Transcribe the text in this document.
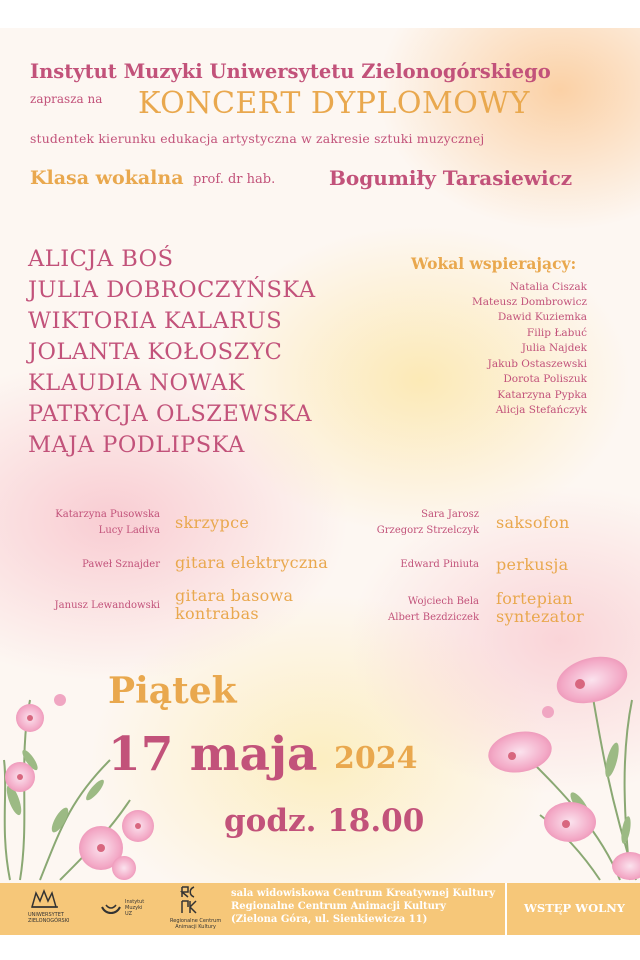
Instytut Muzyki Uniwersytetu Zielonogórskiego
zaprasza na KONCERT DYPLOMOWY
studentek kierunku edukacja artystyczna w zakresie sztuki muzycznej
Klasa wokalna prof. dr hab.	Bogumiły Tarasiewicz
ALICJA BOŚ
JULIA DOBROCZYŃSKA
WIKTORIA KALARUS
JOLANTA KOŁOSZYC
KLAUDIA NOWAK
PATRYCJA OLSZEWSKA
MAJA PODLIPSKA
Wokal wspierający:
Natalia Ciszak
Mateusz Dombrowicz
Dawid Kuziemka
Filip Łabuć
Julia Najdek
Jakub Ostaszewski
Dorota Poliszuk
Katarzyna Pypka
Alicja Stefańczyk
Katarzyna Pusowska
Lucy Ladiva skrzypce
Paweł Sznajder gitara elektryczna
Janusz Lewandowski
gitara basowa
kontrabas
Sara Jarosz
Grzegorz Strzelczyk saksofon
Edward Piniuta perkusja
Wojciech Bela
Albert Bezdziczek
fortepian
syntezator
Piątek
17 maja 2024
godz. 18.00
UNIWERSYTET
ZIELONOGÓRSKI
Instytut
Muzyki
UZ
Regionalne Centrum
Animacji Kultury
sala widowiskowa Centrum Kreatywnej Kultury
Regionalne Centrum Animacji Kultury
(Zielona Góra, ul. Sienkiewicza 11)
WSTĘP WOLNY
